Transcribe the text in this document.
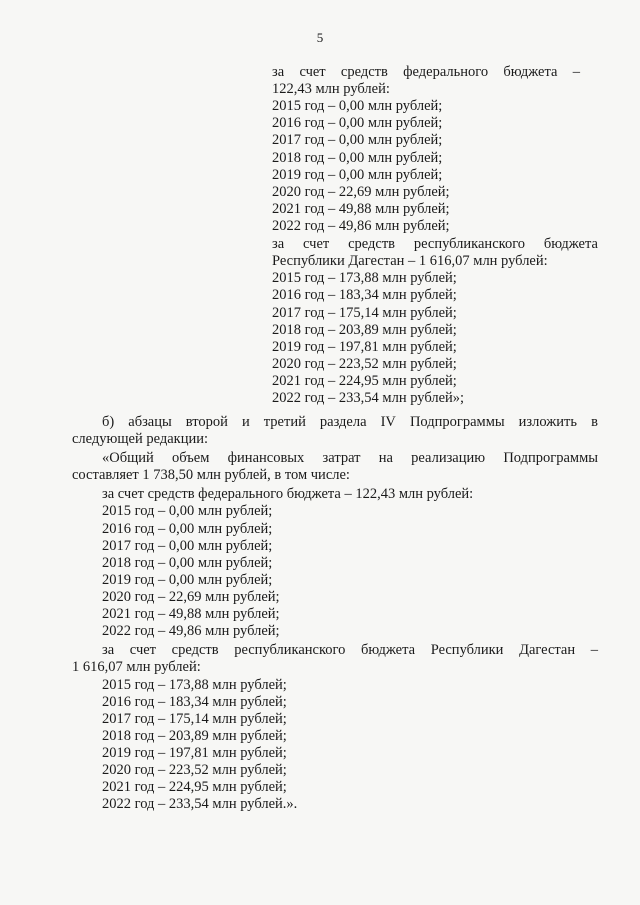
5
за счет средств федерального бюджета –
122,43 млн рублей:
2015 год – 0,00 млн рублей;
2016 год – 0,00 млн рублей;
2017 год – 0,00 млн рублей;
2018 год – 0,00 млн рублей;
2019 год – 0,00 млн рублей;
2020 год – 22,69 млн рублей;
2021 год – 49,88 млн рублей;
2022 год – 49,86 млн рублей;
за счет средств республиканского бюджета
Республики Дагестан – 1 616,07 млн рублей:
2015 год – 173,88 млн рублей;
2016 год – 183,34 млн рублей;
2017 год – 175,14 млн рублей;
2018 год – 203,89 млн рублей;
2019 год – 197,81 млн рублей;
2020 год – 223,52 млн рублей;
2021 год – 224,95 млн рублей;
2022 год – 233,54 млн рублей»;
б) абзацы второй и третий раздела IV Подпрограммы изложить в
следующей редакции:
«Общий объем финансовых затрат на реализацию Подпрограммы
составляет 1 738,50 млн рублей, в том числе:
за счет средств федерального бюджета – 122,43 млн рублей:
2015 год – 0,00 млн рублей;
2016 год – 0,00 млн рублей;
2017 год – 0,00 млн рублей;
2018 год – 0,00 млн рублей;
2019 год – 0,00 млн рублей;
2020 год – 22,69 млн рублей;
2021 год – 49,88 млн рублей;
2022 год – 49,86 млн рублей;
за счет средств республиканского бюджета Республики Дагестан –
1 616,07 млн рублей:
2015 год – 173,88 млн рублей;
2016 год – 183,34 млн рублей;
2017 год – 175,14 млн рублей;
2018 год – 203,89 млн рублей;
2019 год – 197,81 млн рублей;
2020 год – 223,52 млн рублей;
2021 год – 224,95 млн рублей;
2022 год – 233,54 млн рублей.».
